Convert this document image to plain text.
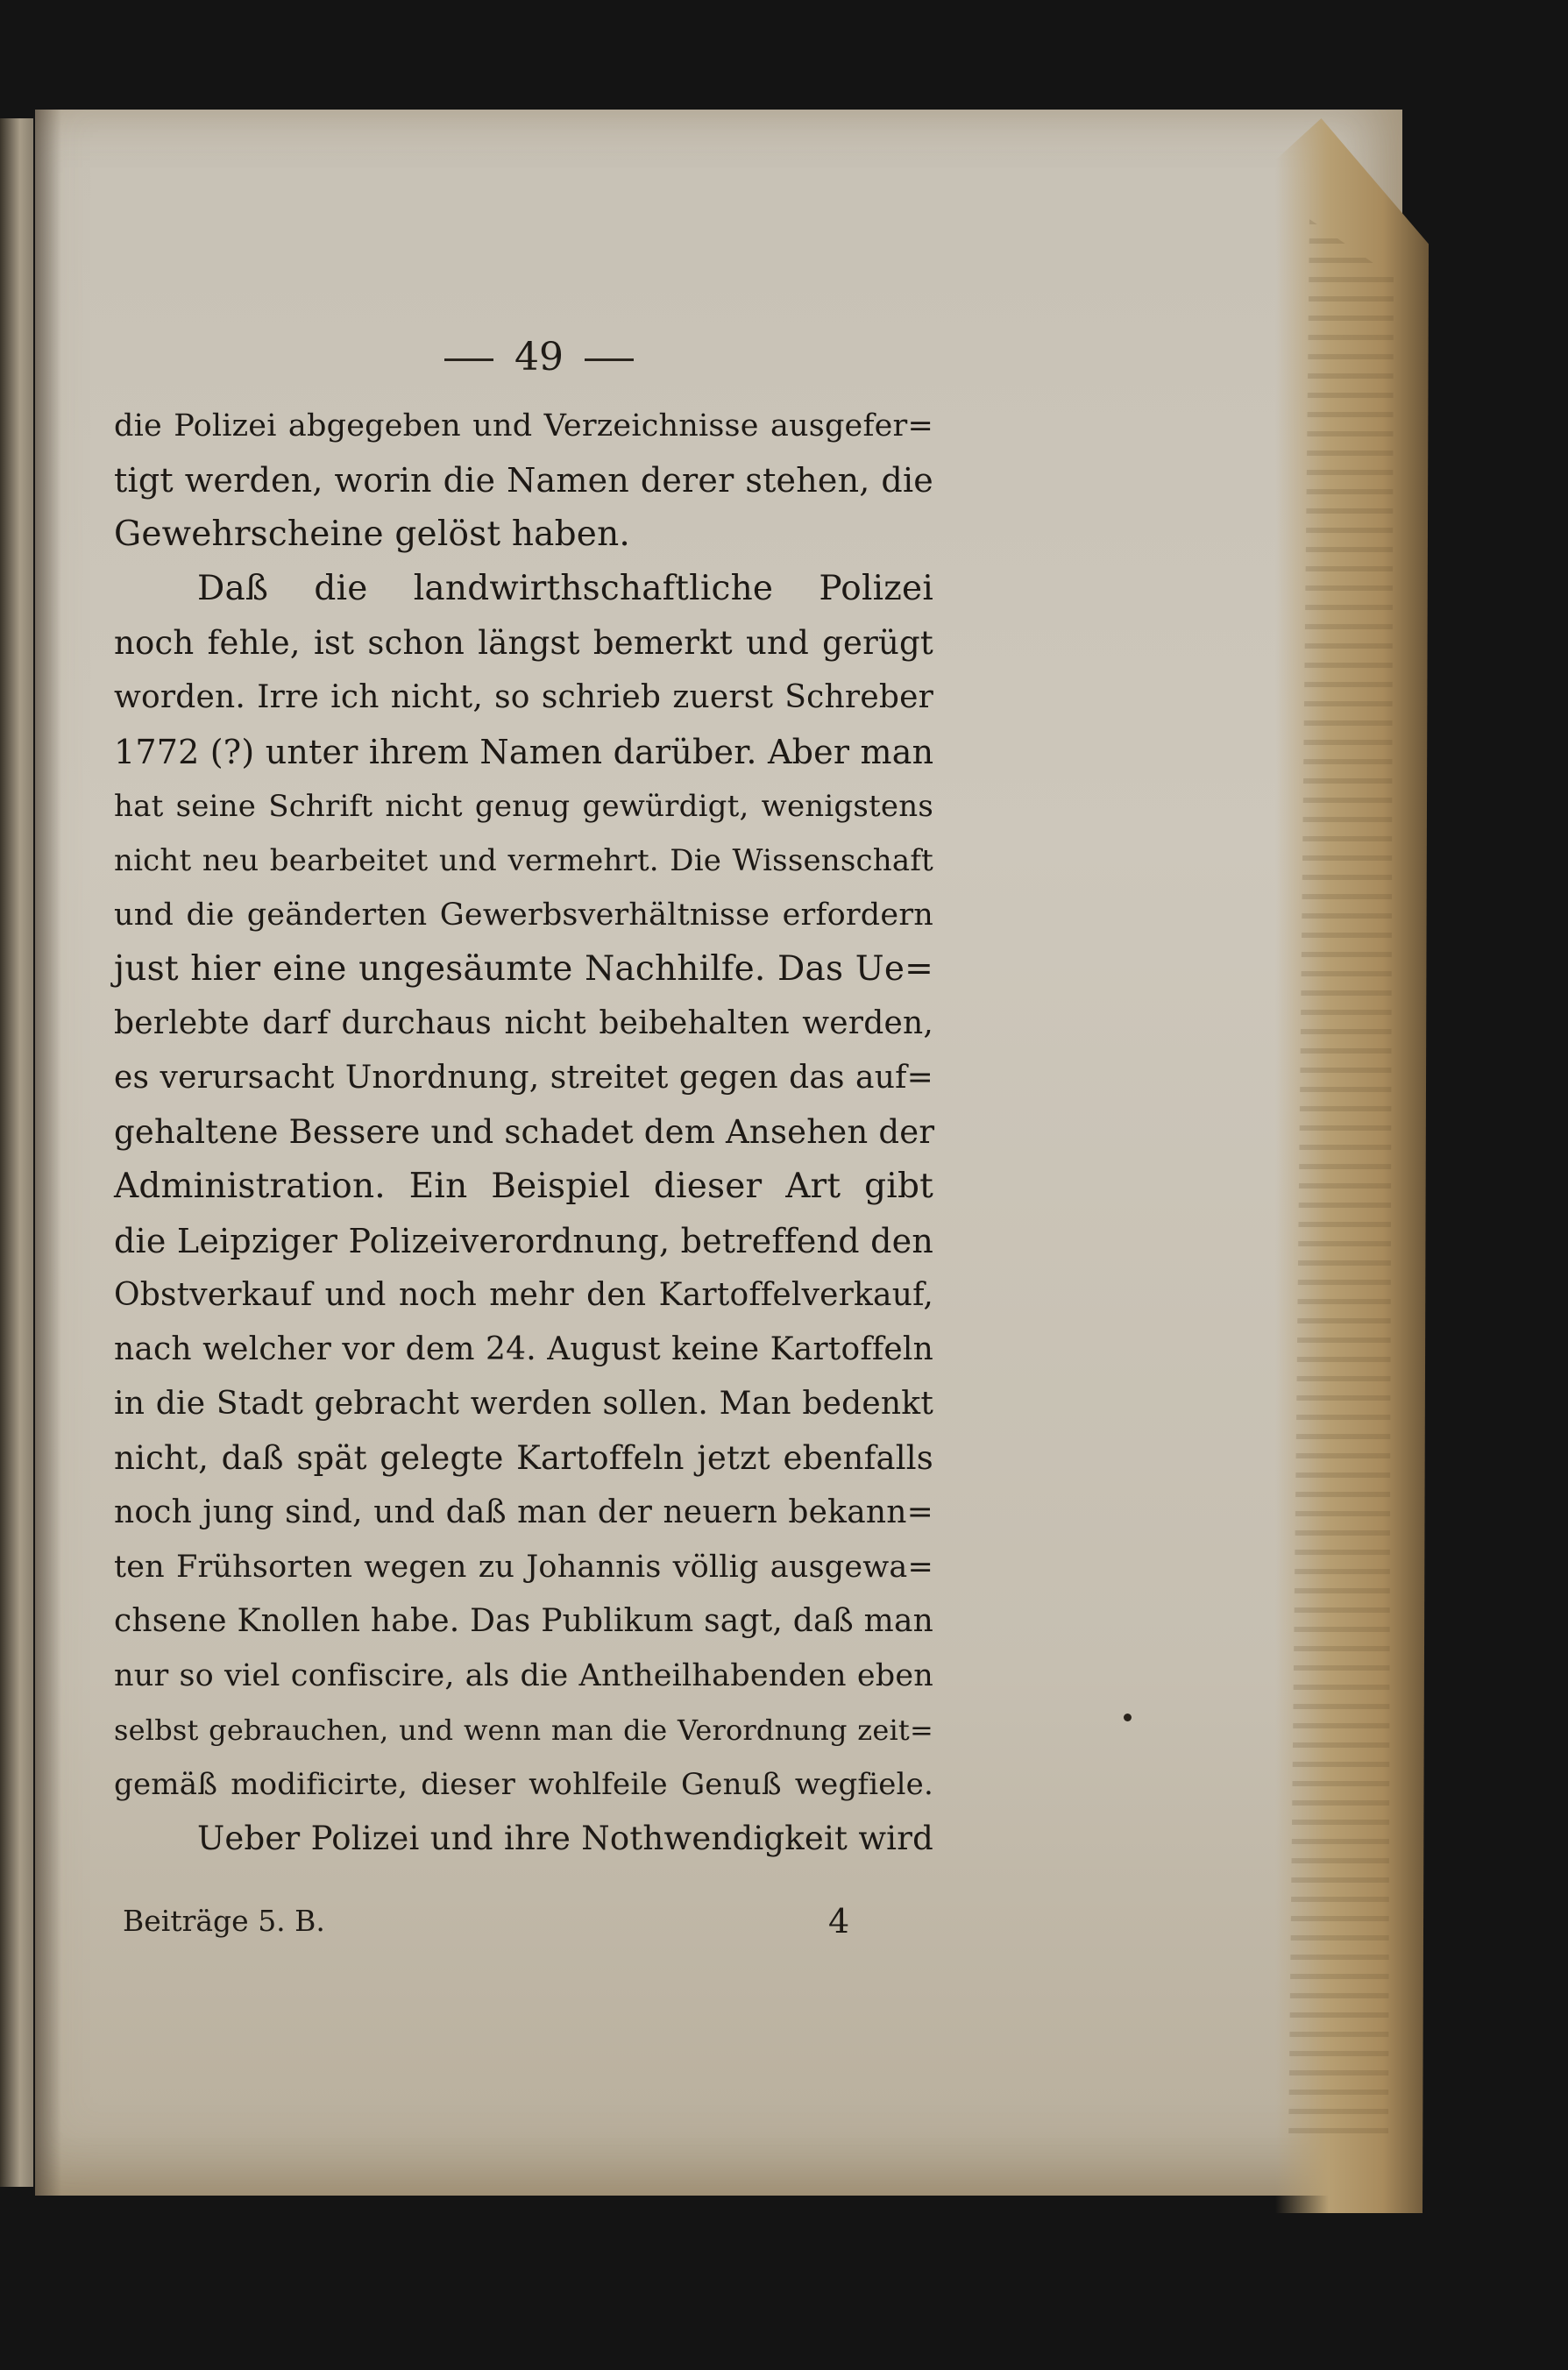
49
die Polizei abgegeben und Verzeichnisse ausgefer=
tigt werden, worin die Namen derer stehen, die
Gewehrscheine gelöst haben.
Daß die landwirthschaftliche Polizei
noch fehle, ist schon längst bemerkt und gerügt
worden. Irre ich nicht, so schrieb zuerst Schreber
1772 (?) unter ihrem Namen darüber. Aber man
hat seine Schrift nicht genug gewürdigt, wenigstens
nicht neu bearbeitet und vermehrt. Die Wissenschaft
und die geänderten Gewerbsverhältnisse erfordern
just hier eine ungesäumte Nachhilfe. Das Ue=
berlebte darf durchaus nicht beibehalten werden,
es verursacht Unordnung, streitet gegen das auf=
gehaltene Bessere und schadet dem Ansehen der
Administration. Ein Beispiel dieser Art gibt
die Leipziger Polizeiverordnung, betreffend den
Obstverkauf und noch mehr den Kartoffelverkauf,
nach welcher vor dem 24. August keine Kartoffeln
in die Stadt gebracht werden sollen. Man bedenkt
nicht, daß spät gelegte Kartoffeln jetzt ebenfalls
noch jung sind, und daß man der neuern bekann=
ten Frühsorten wegen zu Johannis völlig ausgewa=
chsene Knollen habe. Das Publikum sagt, daß man
nur so viel confiscire, als die Antheilhabenden eben
selbst gebrauchen, und wenn man die Verordnung zeit=
gemäß modificirte, dieser wohlfeile Genuß wegfiele.
Ueber Polizei und ihre Nothwendigkeit wird
Beiträge 5. B.	4
